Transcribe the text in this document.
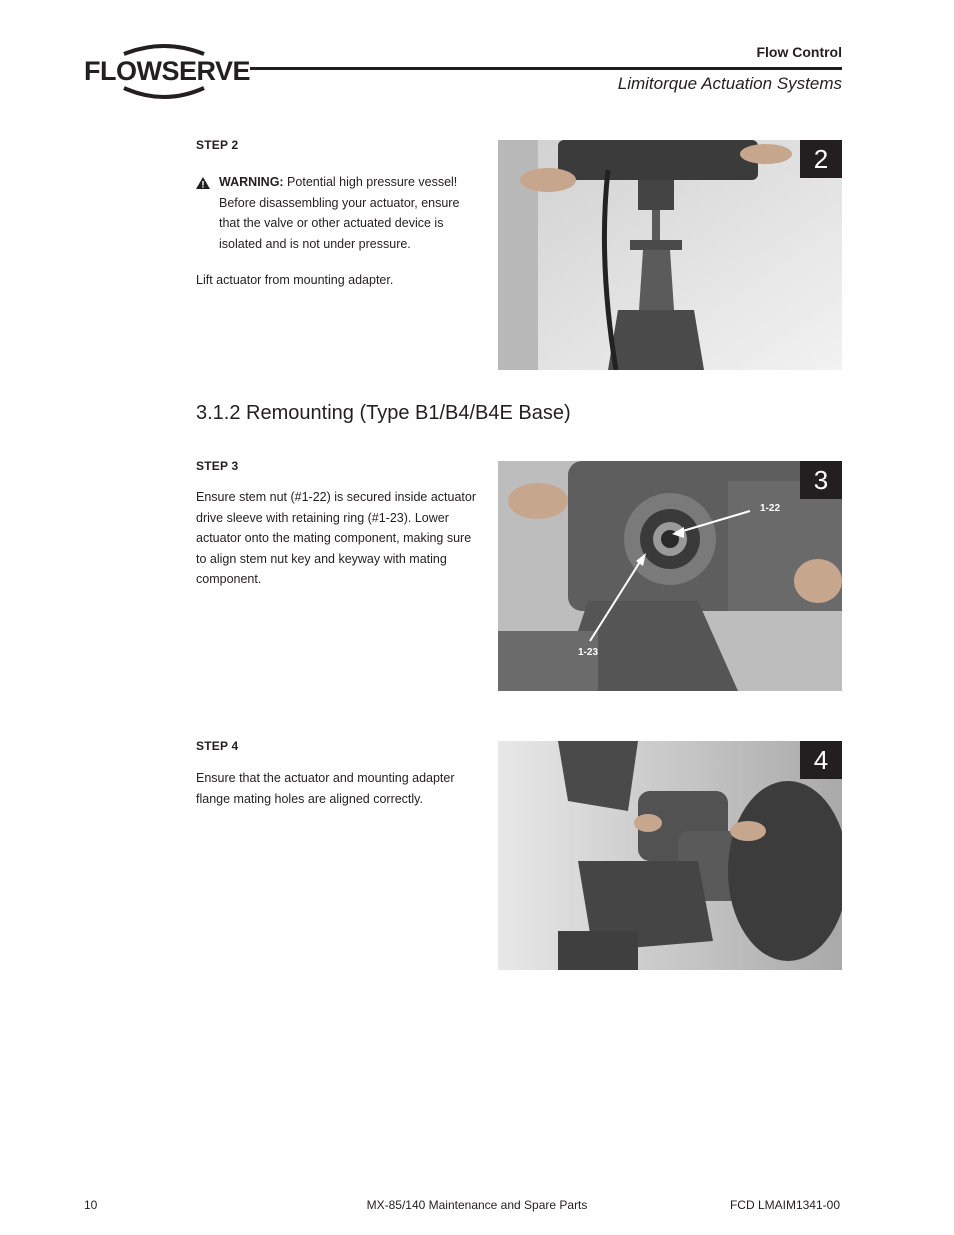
FLOWSERVE
Flow Control
Limitorque Actuation Systems
STEP 2
WARNING: Potential high pressure vessel! Before disassembling your actuator, ensure that the valve or other actuated device is isolated and is not under pressure.
Lift actuator from mounting adapter.
2
3.1.2 Remounting (Type B1/B4/B4E Base)
STEP 3
Ensure stem nut (#1-22) is secured inside actuator drive sleeve with retaining ring (#1-23). Lower actuator onto the mating component, making sure to align stem nut key and keyway with mating component.
1-22
1-23
3
STEP 4
Ensure that the actuator and mounting adapter flange mating holes are aligned correctly.
4
10	MX-85/140 Maintenance and Spare Parts	FCD LMAIM1341-00
